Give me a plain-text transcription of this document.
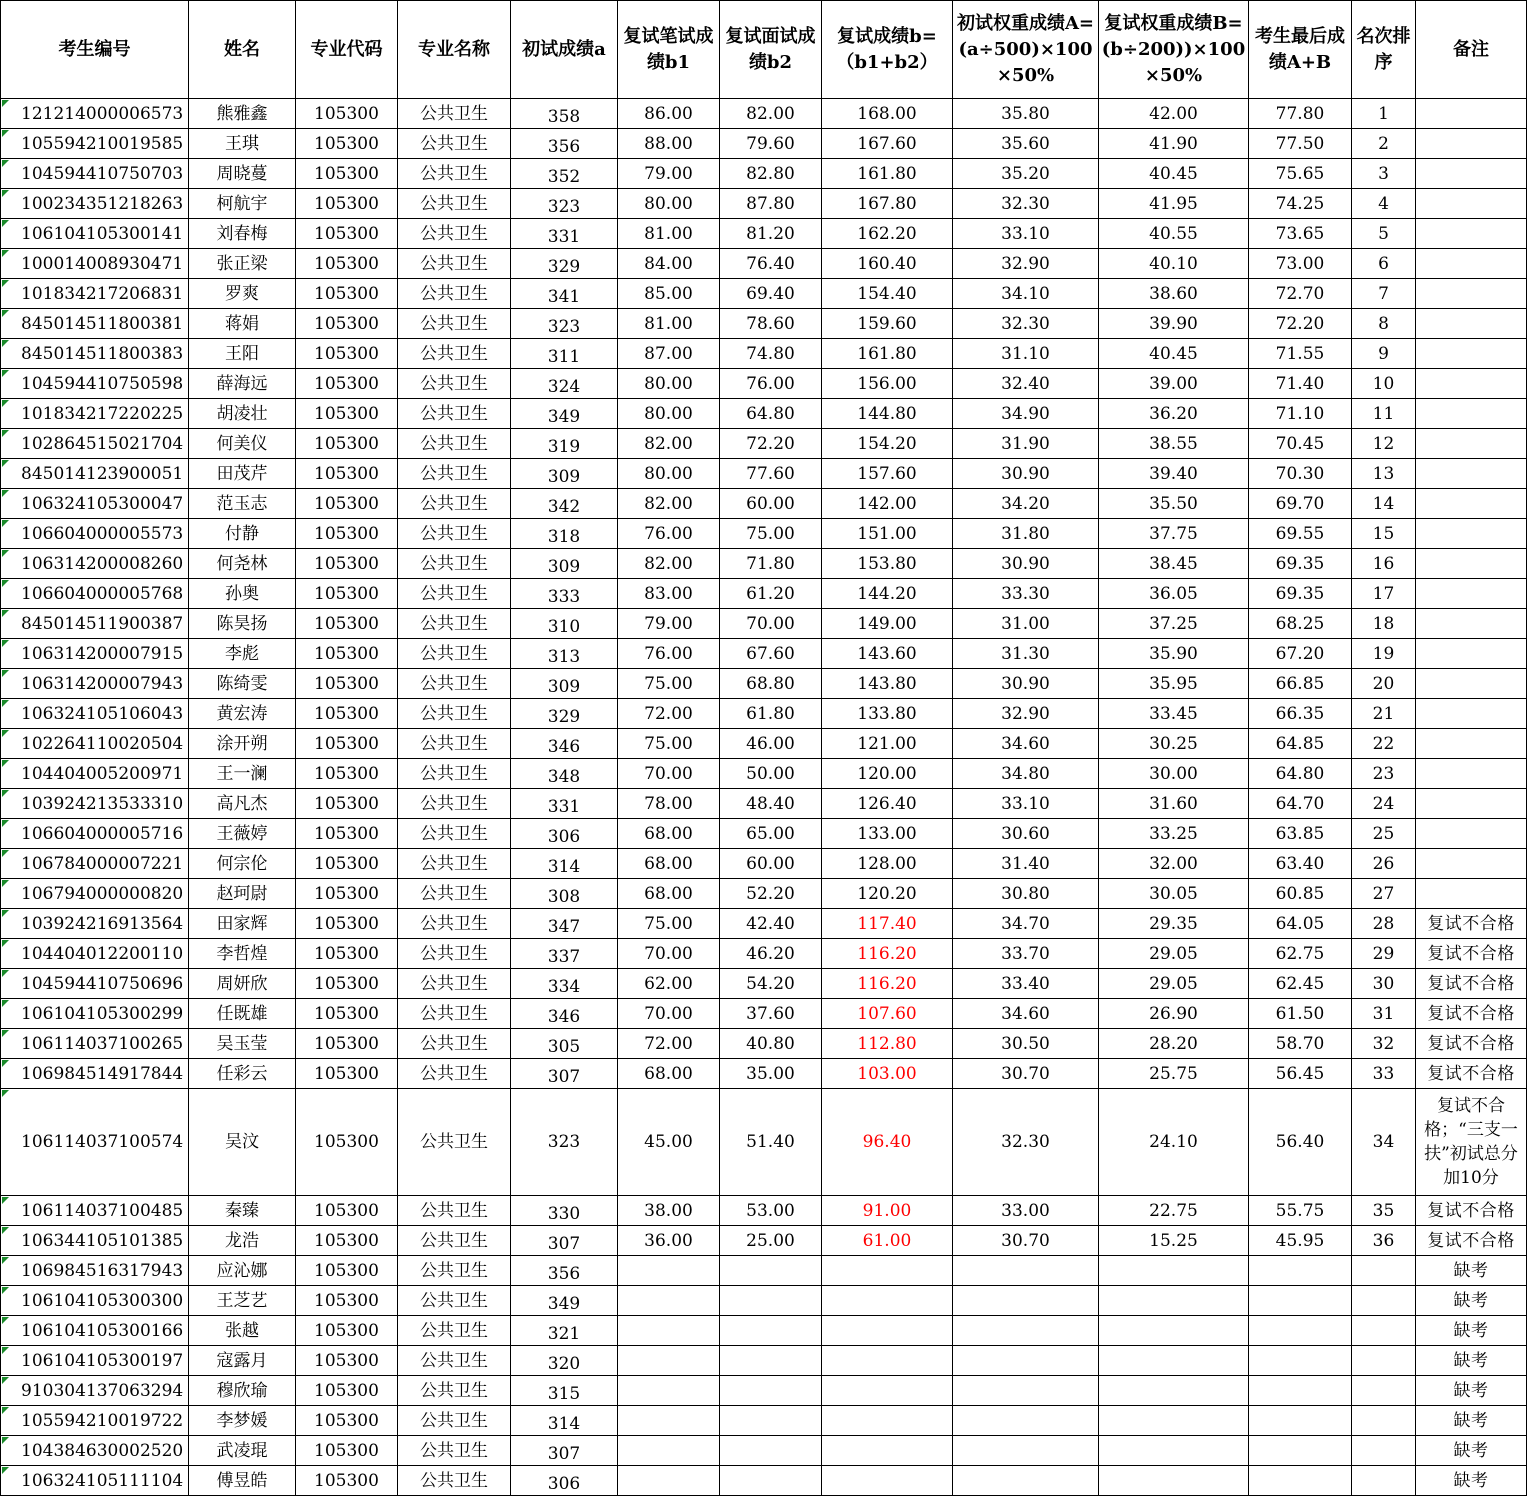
考生编号	姓名	专业代码	专业名称	初试成绩a	复试笔试成绩b1	复试面试成绩b2	复试成绩b=（b1+b2）	初试权重成绩A=(a÷500)×100×50%	复试权重成绩B=(b÷200))×100×50%	考生最后成绩A+B	名次排序	备注
121214000006573	熊雅鑫	105300	公共卫生	358	86.00	82.00	168.00	35.80	42.00	77.80	1	
105594210019585	王琪	105300	公共卫生	356	88.00	79.60	167.60	35.60	41.90	77.50	2	
104594410750703	周晓蔓	105300	公共卫生	352	79.00	82.80	161.80	35.20	40.45	75.65	3	
100234351218263	柯航宇	105300	公共卫生	323	80.00	87.80	167.80	32.30	41.95	74.25	4	
106104105300141	刘春梅	105300	公共卫生	331	81.00	81.20	162.20	33.10	40.55	73.65	5	
100014008930471	张正梁	105300	公共卫生	329	84.00	76.40	160.40	32.90	40.10	73.00	6	
101834217206831	罗爽	105300	公共卫生	341	85.00	69.40	154.40	34.10	38.60	72.70	7	
845014511800381	蒋娟	105300	公共卫生	323	81.00	78.60	159.60	32.30	39.90	72.20	8	
845014511800383	王阳	105300	公共卫生	311	87.00	74.80	161.80	31.10	40.45	71.55	9	
104594410750598	薛海远	105300	公共卫生	324	80.00	76.00	156.00	32.40	39.00	71.40	10	
101834217220225	胡凌壮	105300	公共卫生	349	80.00	64.80	144.80	34.90	36.20	71.10	11	
102864515021704	何美仪	105300	公共卫生	319	82.00	72.20	154.20	31.90	38.55	70.45	12	
845014123900051	田茂芹	105300	公共卫生	309	80.00	77.60	157.60	30.90	39.40	70.30	13	
106324105300047	范玉志	105300	公共卫生	342	82.00	60.00	142.00	34.20	35.50	69.70	14	
106604000005573	付静	105300	公共卫生	318	76.00	75.00	151.00	31.80	37.75	69.55	15	
106314200008260	何尧林	105300	公共卫生	309	82.00	71.80	153.80	30.90	38.45	69.35	16	
106604000005768	孙奥	105300	公共卫生	333	83.00	61.20	144.20	33.30	36.05	69.35	17	
845014511900387	陈昊扬	105300	公共卫生	310	79.00	70.00	149.00	31.00	37.25	68.25	18	
106314200007915	李彪	105300	公共卫生	313	76.00	67.60	143.60	31.30	35.90	67.20	19	
106314200007943	陈绮雯	105300	公共卫生	309	75.00	68.80	143.80	30.90	35.95	66.85	20	
106324105106043	黄宏涛	105300	公共卫生	329	72.00	61.80	133.80	32.90	33.45	66.35	21	
102264110020504	涂开朔	105300	公共卫生	346	75.00	46.00	121.00	34.60	30.25	64.85	22	
104404005200971	王一澜	105300	公共卫生	348	70.00	50.00	120.00	34.80	30.00	64.80	23	
103924213533310	高凡杰	105300	公共卫生	331	78.00	48.40	126.40	33.10	31.60	64.70	24	
106604000005716	王薇婷	105300	公共卫生	306	68.00	65.00	133.00	30.60	33.25	63.85	25	
106784000007221	何宗伦	105300	公共卫生	314	68.00	60.00	128.00	31.40	32.00	63.40	26	
106794000000820	赵珂尉	105300	公共卫生	308	68.00	52.20	120.20	30.80	30.05	60.85	27	
103924216913564	田家辉	105300	公共卫生	347	75.00	42.40	117.40	34.70	29.35	64.05	28	复试不合格
104404012200110	李哲煌	105300	公共卫生	337	70.00	46.20	116.20	33.70	29.05	62.75	29	复试不合格
104594410750696	周妍欣	105300	公共卫生	334	62.00	54.20	116.20	33.40	29.05	62.45	30	复试不合格
106104105300299	任既雄	105300	公共卫生	346	70.00	37.60	107.60	34.60	26.90	61.50	31	复试不合格
106114037100265	吴玉莹	105300	公共卫生	305	72.00	40.80	112.80	30.50	28.20	58.70	32	复试不合格
106984514917844	任彩云	105300	公共卫生	307	68.00	35.00	103.00	30.70	25.75	56.45	33	复试不合格
106114037100574	吴汶	105300	公共卫生	323	45.00	51.40	96.40	32.30	24.10	56.40	34	复试不合格；“三支一扶”初试总分加10分
106114037100485	秦臻	105300	公共卫生	330	38.00	53.00	91.00	33.00	22.75	55.75	35	复试不合格
106344105101385	龙浩	105300	公共卫生	307	36.00	25.00	61.00	30.70	15.25	45.95	36	复试不合格
106984516317943	应沁娜	105300	公共卫生	356								缺考
106104105300300	王芝艺	105300	公共卫生	349								缺考
106104105300166	张越	105300	公共卫生	321								缺考
106104105300197	寇露月	105300	公共卫生	320								缺考
910304137063294	穆欣瑜	105300	公共卫生	315								缺考
105594210019722	李梦媛	105300	公共卫生	314								缺考
104384630002520	武凌琨	105300	公共卫生	307								缺考
106324105111104	傅昱皓	105300	公共卫生	306								缺考
